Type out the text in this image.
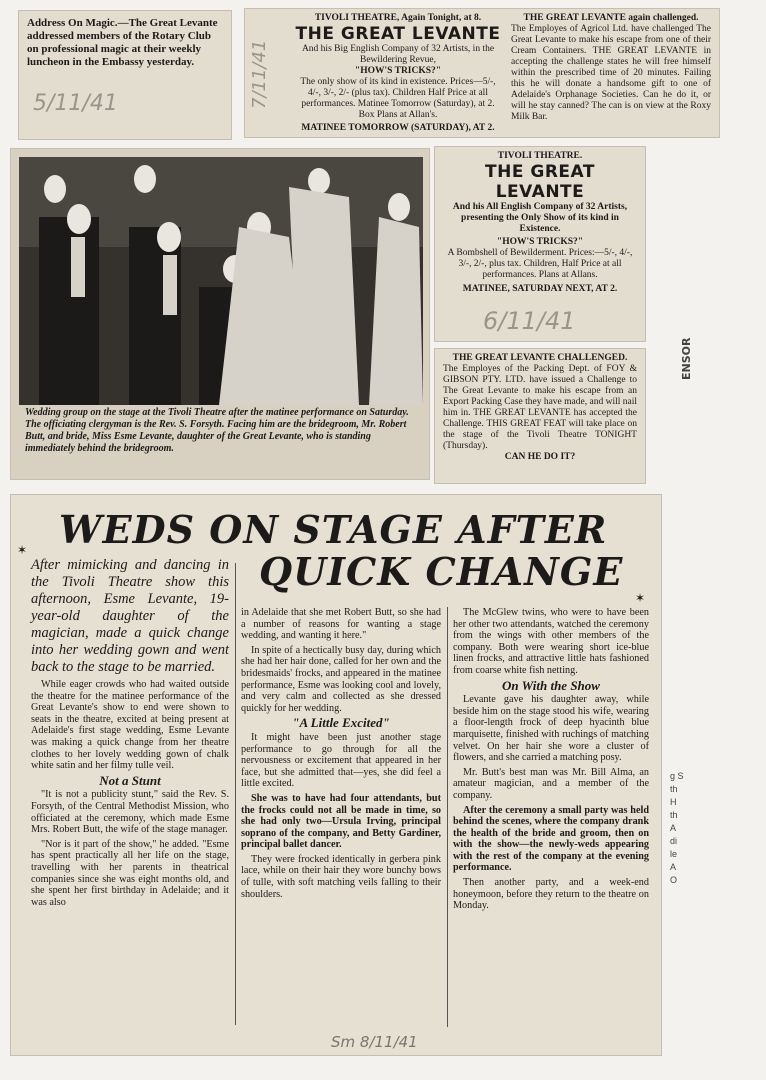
Address On Magic.—The Great Levante addressed members of the Rotary Club on professional magic at their weekly luncheon in the Embassy yesterday.

5/11/41	7/11/41

TIVOLI THEATRE, Again Tonight, at 8.

THE GREAT LEVANTE

And his Big English Company of 32 Artists, in the Bewildering Revue,

"HOW'S TRICKS?"

The only show of its kind in existence. Prices—5/-, 4/-, 3/-, 2/- (plus tax). Children Half Price at all performances. Matinee Tomorrow (Saturday), at 2. Box Plans at Allan's.

MATINEE TOMORROW (SATURDAY), AT 2.

THE GREAT LEVANTE again challenged.

The Employes of Agricol Ltd. have challenged The Great Levante to make his escape from one of their Cream Containers. THE GREAT LEVANTE in accepting the challenge states he will free himself within the prescribed time of 20 minutes. Failing this he will donate a handsome gift to one of Adelaide's Orphanage Societies. Can he do it, or will he stay canned? The can is on view at the Roxy Milk Bar.

Wedding group on the stage at the Tivoli Theatre after the matinee performance on Saturday. The officiating clergyman is the Rev. S. Forsyth. Facing him are the bridegroom, Mr. Robert Butt, and bride, Miss Esme Levante, daughter of the Great Levante, who is standing immediately behind the bridegroom.

TIVOLI THEATRE.

THE GREAT LEVANTE

And his All English Company of 32 Artists, presenting the Only Show of its kind in Existence.

"HOW'S TRICKS?"

A Bombshell of Bewilderment. Prices:—5/-, 4/-, 3/-, 2/-, plus tax. Children, Half Price at all performances. Plans at Allans.

MATINEE, SATURDAY NEXT, AT 2.

6/11/41

THE GREAT LEVANTE CHALLENGED.

The Employes of the Packing Dept. of FOY & GIBSON PTY. LTD. have issued a Challenge to The Great Levante to make his escape from an Export Packing Case they have made, and will nail him in. THE GREAT LEVANTE has accepted the Challenge. THIS GREAT FEAT will take place on the stage of the Tivoli Theatre TONIGHT (Thursday).

CAN HE DO IT?

ENSOR
WEDS ON STAGE AFTER
QUICK CHANGE
✶
✶

After mimicking and dancing in the Tivoli Theatre show this afternoon, Esme Levante, 19-year-old daughter of the magician, made a quick change into her wedding gown and went back to the stage to be married.

While eager crowds who had waited outside the theatre for the matinee performance of the Great Levante's show to end were shown to seats in the theatre, excited at being present at Adelaide's first stage wedding, Esme Levante was making a quick change from her theatre clothes to her lovely wedding gown of chalk white satin and her filmy tulle veil.

Not a Stunt

"It is not a publicity stunt," said the Rev. S. Forsyth, of the Central Methodist Mission, who officiated at the ceremony, which made Esme Mrs. Robert Butt, the wife of the stage manager.

"Nor is it part of the show," he added. "Esme has spent practically all her life on the stage, travelling with her parents in theatrical companies since she was eight months old, and she spent her first birthday in Adelaide; and it was also

in Adelaide that she met Robert Butt, so she had a number of reasons for wanting a stage wedding, and wanting it here."

In spite of a hectically busy day, during which she had her hair done, called for her own and the bridesmaids' frocks, and appeared in the matinee performance, Esme was looking cool and lovely, and very calm and collected as she dressed quickly for her wedding.

"A Little Excited"

It might have been just another stage performance to go through for all the nervousness or excitement that appeared in her face, but she admitted that—yes, she did feel a little excited.

She was to have had four attendants, but the frocks could not all be made in time, so she had only two—Ursula Irving, principal soprano of the company, and Betty Gardiner, principal ballet dancer.

They were frocked identically in gerbera pink lace, while on their hair they wore bunchy bows of tulle, with soft matching veils falling to their shoulders.

The McGlew twins, who were to have been her other two attendants, watched the ceremony from the wings with other members of the company. Both were wearing short ice-blue linen frocks, and attractive little hats fashioned from coarse white fish netting.

On With the Show

Levante gave his daughter away, while beside him on the stage stood his wife, wearing a floor-length frock of deep hyacinth blue marquisette, finished with ruchings of matching velvet. On her hair she wore a cluster of flowers, and she carried a matching posy.

Mr. Butt's best man was Mr. Bill Alma, an amateur magician, and a member of the company.

After the ceremony a small party was held behind the scenes, where the company drank the health of the bride and groom, then on with the show—the newly-weds appearing with the rest of the company at the evening performance.

Then another party, and a week-end honeymoon, before they return to the theatre on Monday.

Sm 8/11/41
g S th H th A di le A O
